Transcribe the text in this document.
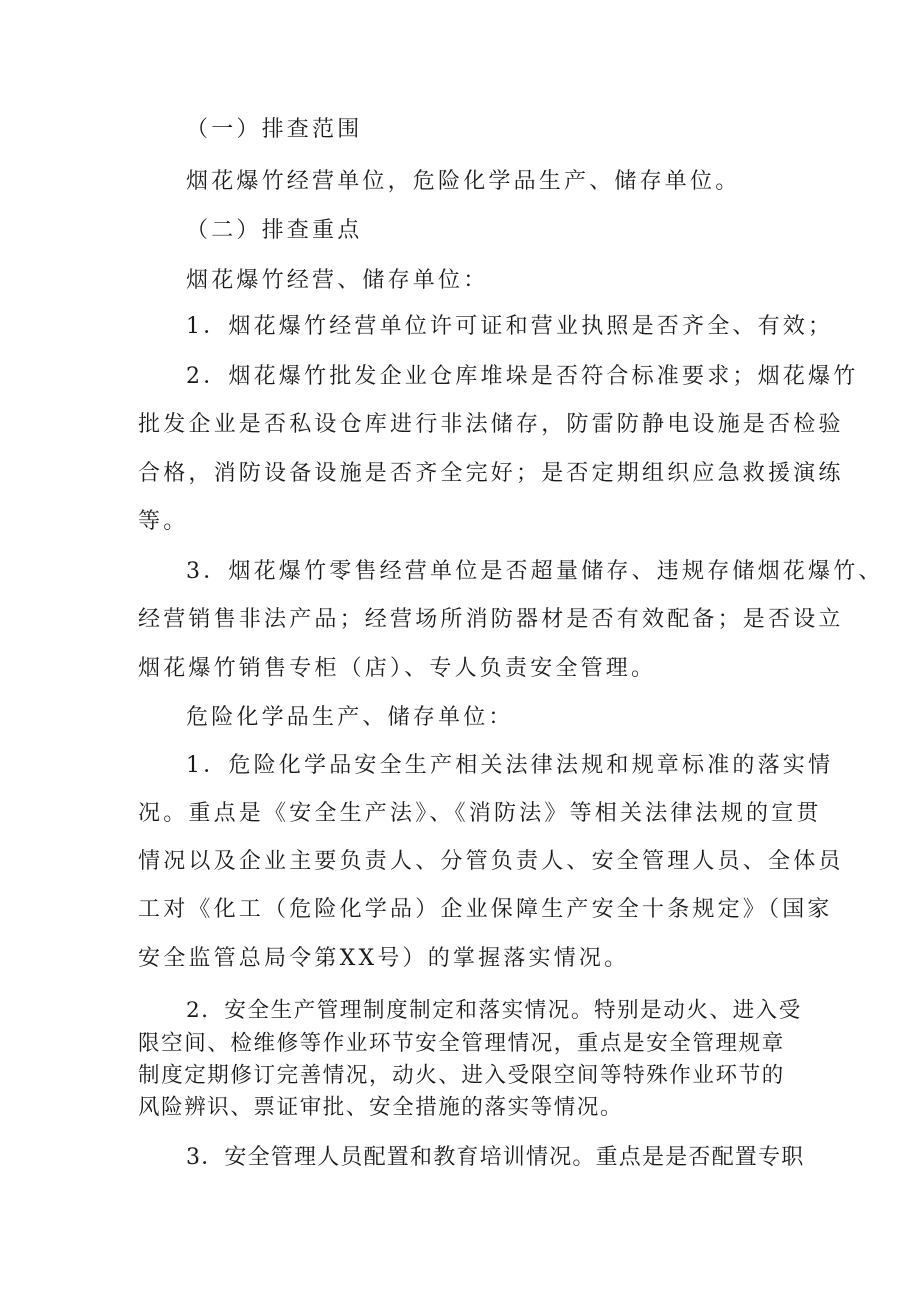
（一）排查范围
烟花爆竹经营单位，危险化学品生产、储存单位。
（二）排查重点
烟花爆竹经营、储存单位：
1．烟花爆竹经营单位许可证和营业执照是否齐全、有效；
2．烟花爆竹批发企业仓库堆垛是否符合标准要求；烟花爆竹
批发企业是否私设仓库进行非法储存，防雷防静电设施是否检验
合格，消防设备设施是否齐全完好；是否定期组织应急救援演练
等。
3．烟花爆竹零售经营单位是否超量储存、违规存储烟花爆竹、
经营销售非法产品；经营场所消防器材是否有效配备；是否设立
烟花爆竹销售专柜（店）、专人负责安全管理。
危险化学品生产、储存单位：
1．危险化学品安全生产相关法律法规和规章标准的落实情
况。重点是《安全生产法》、《消防法》等相关法律法规的宣贯
情况以及企业主要负责人、分管负责人、安全管理人员、全体员
工对《化工（危险化学品）企业保障生产安全十条规定》（国家
安全监管总局令第XX号）的掌握落实情况。
2．安全生产管理制度制定和落实情况。特别是动火、进入受
限空间、检维修等作业环节安全管理情况，重点是安全管理规章
制度定期修订完善情况，动火、进入受限空间等特殊作业环节的
风险辨识、票证审批、安全措施的落实等情况。
3．安全管理人员配置和教育培训情况。重点是是否配置专职
